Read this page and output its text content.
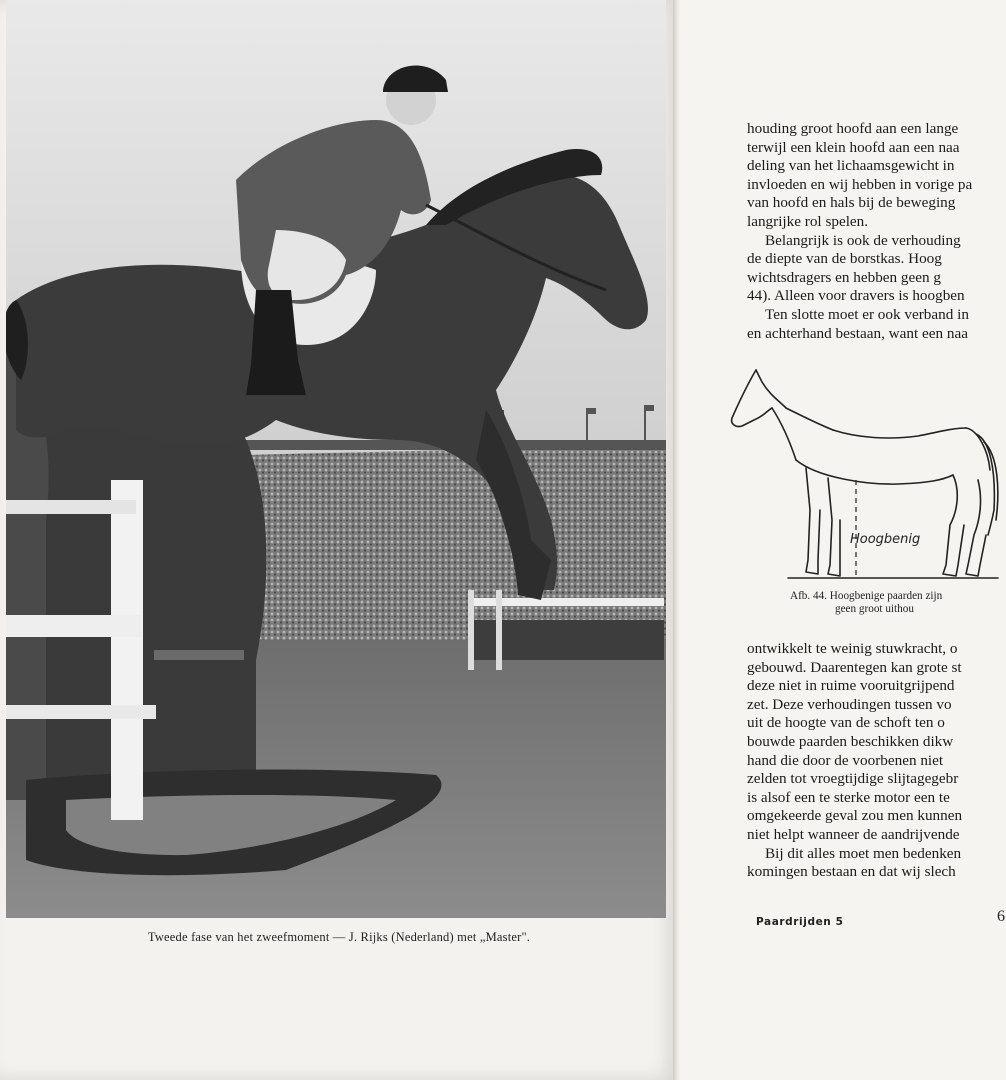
Tweede fase van het zweefmoment — J. Rijks (Nederland) met „Master".
houding groot hoofd aan een lange
terwijl een klein hoofd aan een naa
deling van het lichaamsgewicht in
invloeden en wij hebben in vorige pa
van hoofd en hals bij de beweging
langrijke rol spelen.
Belangrijk is ook de verhouding
de diepte van de borstkas. Hoog
wichtsdragers en hebben geen g
44). Alleen voor dravers is hoogben
Ten slotte moet er ook verband in
en achterhand bestaan, want een naa
Hoogbenig
Afb. 44. Hoogbenige paarden zijn
geen groot uithou
ontwikkelt te weinig stuwkracht, o
gebouwd. Daarentegen kan grote st
deze niet in ruime vooruitgrijpend
zet. Deze verhoudingen tussen vo
uit de hoogte van de schoft ten o
bouwde paarden beschikken dikw
hand die door de voorbenen niet
zelden tot vroegtijdige slijtagegebr
is alsof een te sterke motor een te
omgekeerde geval zou men kunnen
niet helpt wanneer de aandrijvende
Bij dit alles moet men bedenken
komingen bestaan en dat wij slech
Paardrijden 5	6
